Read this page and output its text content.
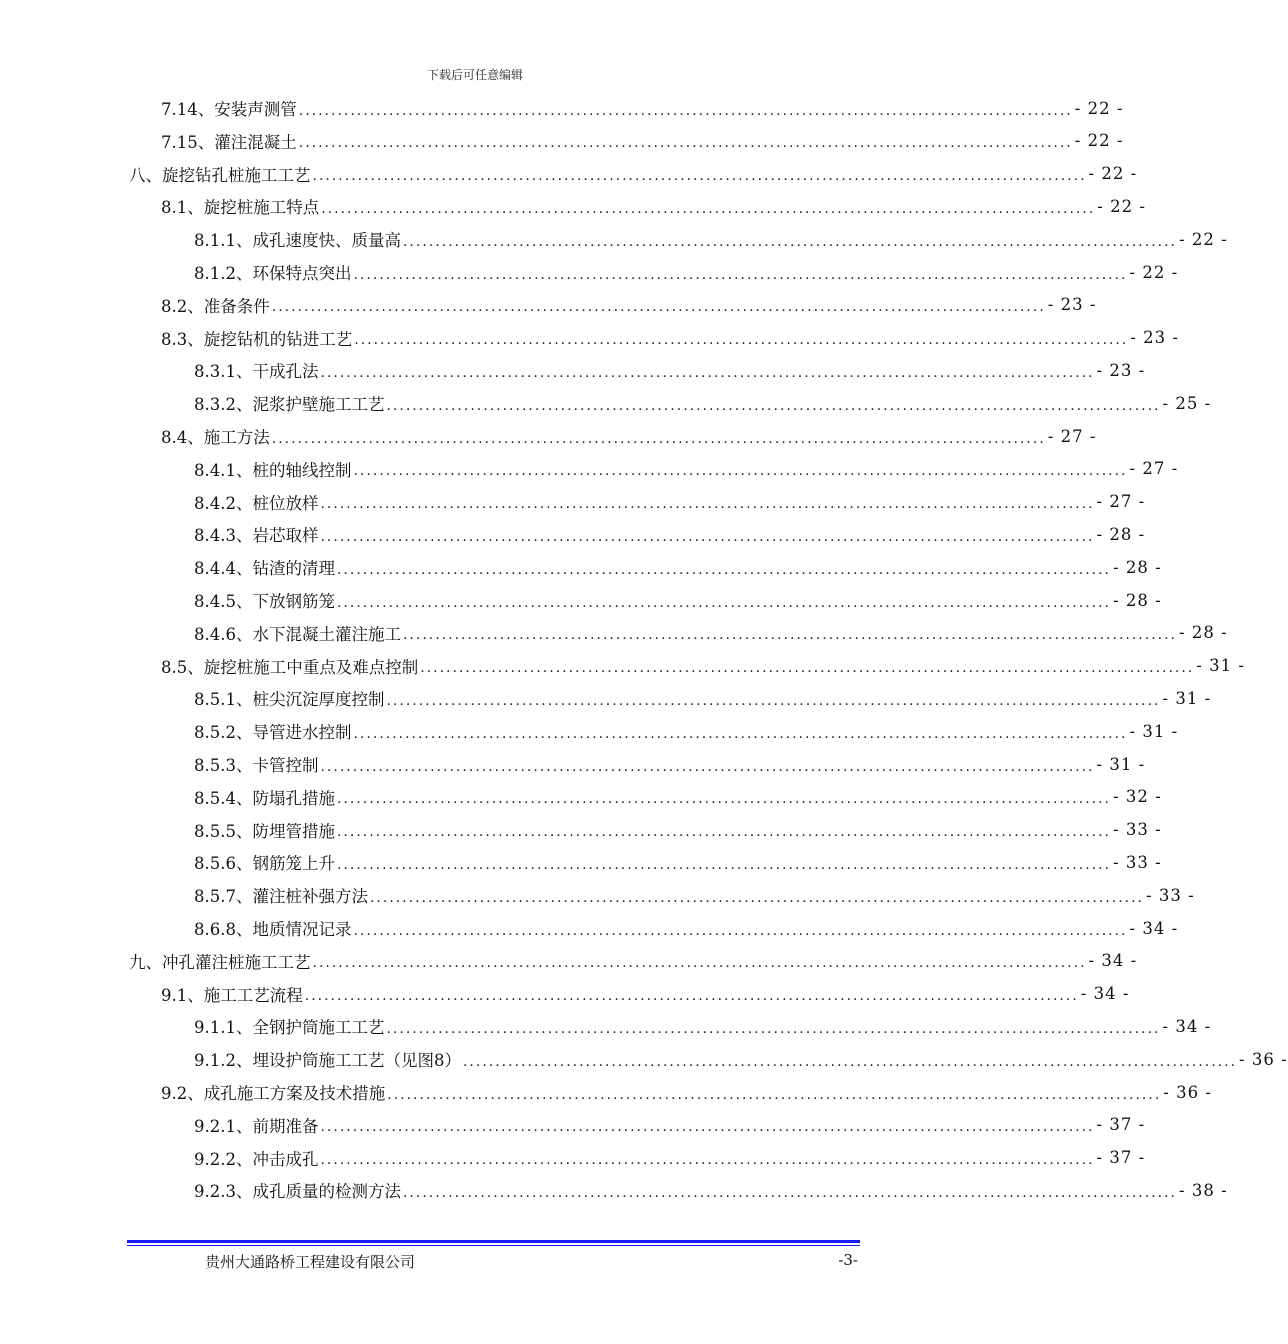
下载后可任意编辑
7.14、安装声测管 ........................................................................................................................ - 22 -
7.15、灌注混凝土 ........................................................................................................................ - 22 -
八、旋挖钻孔桩施工工艺 ........................................................................................................................ - 22 -
8.1、旋挖桩施工特点 ........................................................................................................................ - 22 -
8.1.1、成孔速度快、质量高 ........................................................................................................................ - 22 -
8.1.2、环保特点突出 ........................................................................................................................ - 22 -
8.2、准备条件 ........................................................................................................................ - 23 -
8.3、旋挖钻机的钻进工艺 ........................................................................................................................ - 23 -
8.3.1、干成孔法 ........................................................................................................................ - 23 -
8.3.2、泥浆护壁施工工艺 ........................................................................................................................ - 25 -
8.4、施工方法 ........................................................................................................................ - 27 -
8.4.1、桩的轴线控制 ........................................................................................................................ - 27 -
8.4.2、桩位放样 ........................................................................................................................ - 27 -
8.4.3、岩芯取样 ........................................................................................................................ - 28 -
8.4.4、钻渣的清理 ........................................................................................................................ - 28 -
8.4.5、下放钢筋笼 ........................................................................................................................ - 28 -
8.4.6、水下混凝土灌注施工 ........................................................................................................................ - 28 -
8.5、旋挖桩施工中重点及难点控制 ........................................................................................................................ - 31 -
8.5.1、桩尖沉淀厚度控制 ........................................................................................................................ - 31 -
8.5.2、导管进水控制 ........................................................................................................................ - 31 -
8.5.3、卡管控制 ........................................................................................................................ - 31 -
8.5.4、防塌孔措施 ........................................................................................................................ - 32 -
8.5.5、防埋管措施 ........................................................................................................................ - 33 -
8.5.6、钢筋笼上升 ........................................................................................................................ - 33 -
8.5.7、灌注桩补强方法 ........................................................................................................................ - 33 -
8.6.8、地质情况记录 ........................................................................................................................ - 34 -
九、冲孔灌注桩施工工艺 ........................................................................................................................ - 34 -
9.1、施工工艺流程 ........................................................................................................................ - 34 -
9.1.1、全钢护筒施工工艺 ........................................................................................................................ - 34 -
9.1.2、埋设护筒施工工艺（见图8） ........................................................................................................................ - 36 -
9.2、成孔施工方案及技术措施 ........................................................................................................................ - 36 -
9.2.1、前期准备 ........................................................................................................................ - 37 -
9.2.2、冲击成孔 ........................................................................................................................ - 37 -
9.2.3、成孔质量的检测方法 ........................................................................................................................ - 38 -
贵州大通路桥工程建设有限公司	-3-
